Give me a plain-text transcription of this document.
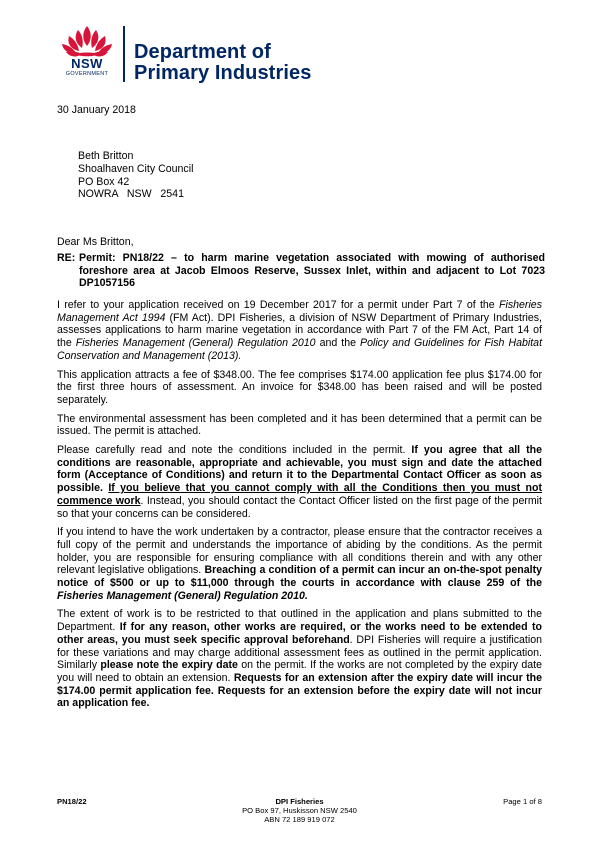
NSW
GOVERNMENT
Department of
Primary Industries
30 January 2018
Beth Britton
Shoalhaven City Council
PO Box 42
NOWRA   NSW   2541
Dear Ms Britton,
RE: Permit: PN18/22 – to harm marine vegetation associated with mowing of authorised foreshore area at Jacob Elmoos Reserve, Sussex Inlet, within and adjacent to Lot 7023 DP1057156

I refer to your application received on 19 December 2017 for a permit under Part 7 of the Fisheries Management Act 1994 (FM Act). DPI Fisheries, a division of NSW Department of Primary Industries, assesses applications to harm marine vegetation in accordance with Part 7 of the FM Act, Part 14 of the Fisheries Management (General) Regulation 2010 and the Policy and Guidelines for Fish Habitat Conservation and Management (2013).

This application attracts a fee of $348.00. The fee comprises $174.00 application fee plus $174.00 for the first three hours of assessment. An invoice for $348.00 has been raised and will be posted separately.

The environmental assessment has been completed and it has been determined that a permit can be issued. The permit is attached.

Please carefully read and note the conditions included in the permit. If you agree that all the conditions are reasonable, appropriate and achievable, you must sign and date the attached form (Acceptance of Conditions) and return it to the Departmental Contact Officer as soon as possible. If you believe that you cannot comply with all the Conditions then you must not commence work. Instead, you should contact the Contact Officer listed on the first page of the permit so that your concerns can be considered.

If you intend to have the work undertaken by a contractor, please ensure that the contractor receives a full copy of the permit and understands the importance of abiding by the conditions. As the permit holder, you are responsible for ensuring compliance with all conditions therein and with any other relevant legislative obligations. Breaching a condition of a permit can incur an on-the-spot penalty notice of $500 or up to $11,000 through the courts in accordance with clause 259 of the Fisheries Management (General) Regulation 2010.

The extent of work is to be restricted to that outlined in the application and plans submitted to the Department. If for any reason, other works are required, or the works need to be extended to other areas, you must seek specific approval beforehand. DPI Fisheries will require a justification for these variations and may charge additional assessment fees as outlined in the permit application. Similarly please note the expiry date on the permit. If the works are not completed by the expiry date you will need to obtain an extension. Requests for an extension after the expiry date will incur the $174.00 permit application fee. Requests for an extension before the expiry date will not incur an application fee.

PN18/22	DPI Fisheries
PO Box 97, Huskisson NSW 2540
ABN 72 189 919 072
Page 1 of 8
